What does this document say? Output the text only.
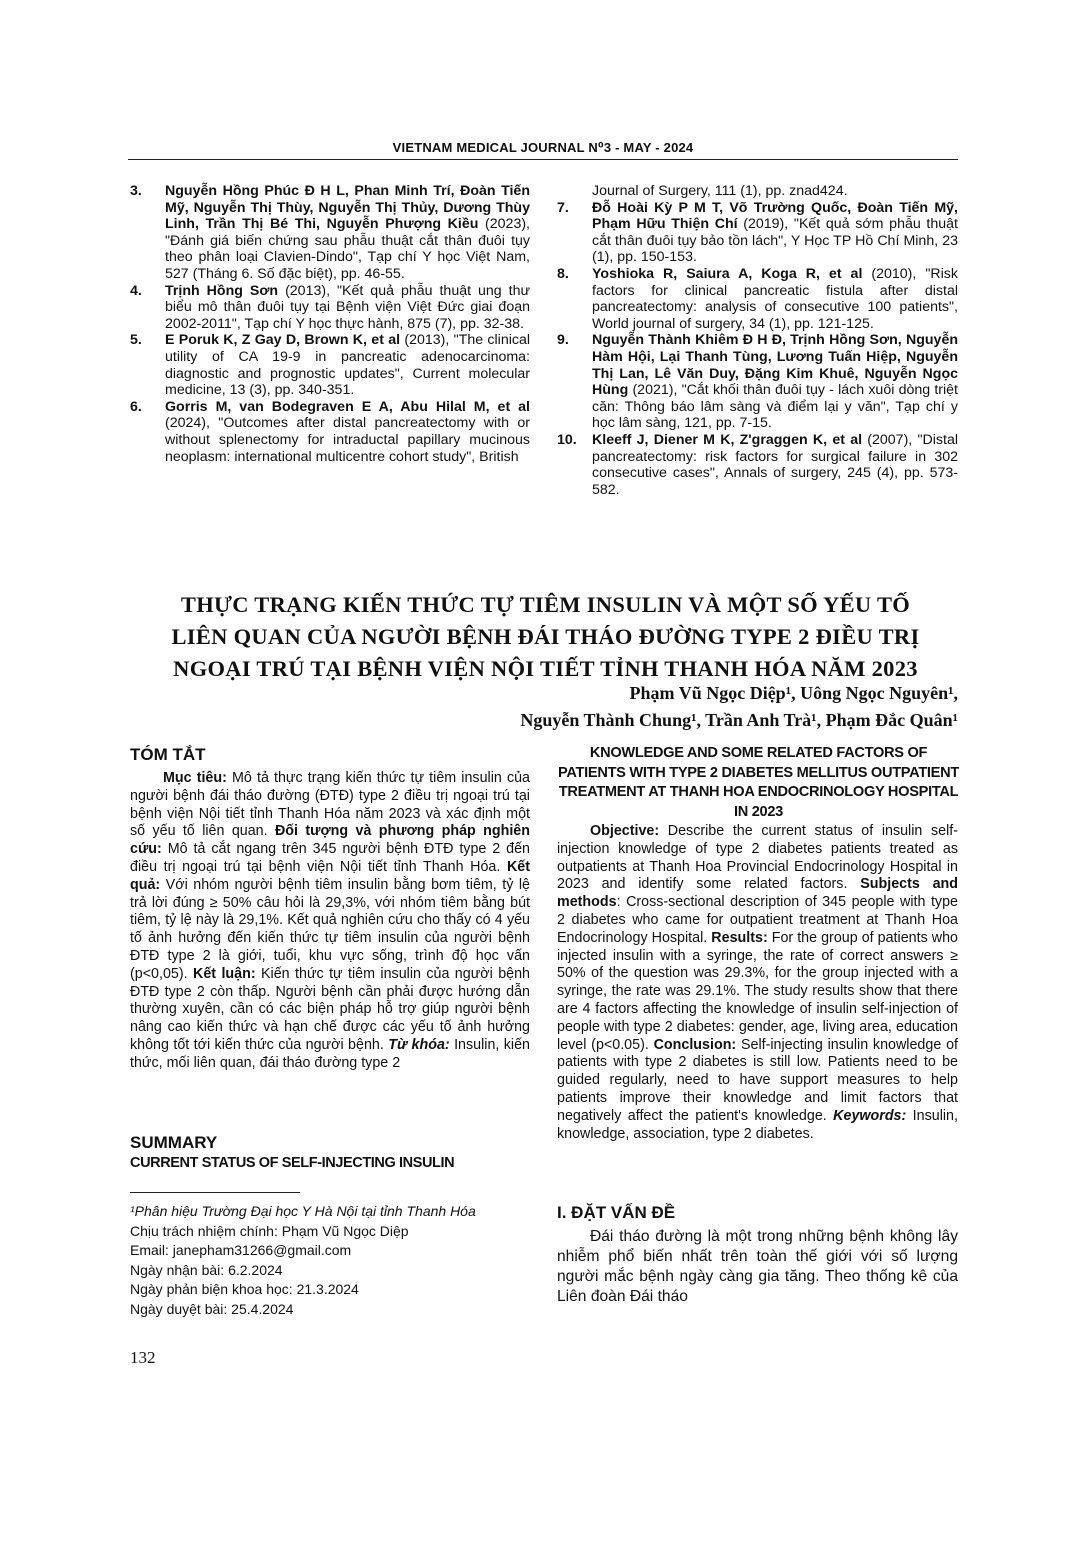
VIETNAM MEDICAL JOURNAL N⁰3 - MAY - 2024
3.	Nguyễn Hồng Phúc Đ H L, Phan Minh Trí, Đoàn Tiến Mỹ, Nguyễn Thị Thùy, Nguyễn Thị Thủy, Dương Thùy Linh, Trần Thị Bé Thi, Nguyễn Phượng Kiều (2023), "Đánh giá biến chứng sau phẫu thuật cắt thân đuôi tụy theo phân loại Clavien-Dindo", Tạp chí Y học Việt Nam, 527 (Tháng 6. Số đặc biệt), pp. 46-55.
4.	Trịnh Hồng Sơn (2013), "Kết quả phẫu thuật ung thư biểu mô thân đuôi tụy tại Bệnh viện Việt Đức giai đoạn 2002-2011", Tạp chí Y học thực hành, 875 (7), pp. 32-38.
5.	E Poruk K, Z Gay D, Brown K, et al (2013), "The clinical utility of CA 19-9 in pancreatic adenocarcinoma: diagnostic and prognostic updates", Current molecular medicine, 13 (3), pp. 340-351.
6.	Gorris M, van Bodegraven E A, Abu Hilal M, et al (2024), "Outcomes after distal pancreatectomy with or without splenectomy for intraductal papillary mucinous neoplasm: international multicentre cohort study", British
Journal of Surgery, 111 (1), pp. znad424.
7.	Đỗ Hoài Kỳ P M T, Võ Trường Quốc, Đoàn Tiến Mỹ, Phạm Hữu Thiện Chí (2019), "Kết quả sớm phẫu thuật cắt thân đuôi tụy bảo tồn lách", Y Học TP Hồ Chí Minh, 23 (1), pp. 150-153.
8.	Yoshioka R, Saiura A, Koga R, et al (2010), "Risk factors for clinical pancreatic fistula after distal pancreatectomy: analysis of consecutive 100 patients", World journal of surgery, 34 (1), pp. 121-125.
9.	Nguyễn Thành Khiêm Đ H Đ, Trịnh Hồng Sơn, Nguyễn Hàm Hội, Lại Thanh Tùng, Lương Tuấn Hiệp, Nguyễn Thị Lan, Lê Văn Duy, Đặng Kim Khuê, Nguyễn Ngọc Hùng (2021), "Cắt khối thân đuôi tụy - lách xuôi dòng triệt căn: Thông báo lâm sàng và điểm lại y văn", Tạp chí y học lâm sàng, 121, pp. 7-15.
10.	Kleeff J, Diener M K, Z'graggen K, et al (2007), "Distal pancreatectomy: risk factors for surgical failure in 302 consecutive cases", Annals of surgery, 245 (4), pp. 573-582.
THỰC TRẠNG KIẾN THỨC TỰ TIÊM INSULIN VÀ MỘT SỐ YẾU TỐ
LIÊN QUAN CỦA NGƯỜI BỆNH ĐÁI THÁO ĐƯỜNG TYPE 2 ĐIỀU TRỊ
NGOẠI TRÚ TẠI BỆNH VIỆN NỘI TIẾT TỈNH THANH HÓA NĂM 2023
Phạm Vũ Ngọc Diệp¹, Uông Ngọc Nguyên¹,
Nguyễn Thành Chung¹, Trần Anh Trà¹, Phạm Đắc Quân¹
TÓM TẮT

Mục tiêu: Mô tả thực trạng kiến thức tự tiêm insulin của người bệnh đái tháo đường (ĐTĐ) type 2 điều trị ngoại trú tại bệnh viện Nội tiết tỉnh Thanh Hóa năm 2023 và xác định một số yếu tố liên quan. Đối tượng và phương pháp nghiên cứu: Mô tả cắt ngang trên 345 người bệnh ĐTĐ type 2 đến điều trị ngoại trú tại bệnh viện Nội tiết tỉnh Thanh Hóa. Kết quả: Với nhóm người bệnh tiêm insulin bằng bơm tiêm, tỷ lệ trả lời đúng ≥ 50% câu hỏi là 29,3%, với nhóm tiêm bằng bút tiêm, tỷ lệ này là 29,1%. Kết quả nghiên cứu cho thấy có 4 yếu tố ảnh hưởng đến kiến thức tự tiêm insulin của người bệnh ĐTĐ type 2 là giới, tuổi, khu vực sống, trình độ học vấn (p<0,05). Kết luận: Kiến thức tự tiêm insulin của người bệnh ĐTĐ type 2 còn thấp. Người bệnh cần phải được hướng dẫn thường xuyên, cần có các biện pháp hỗ trợ giúp người bệnh nâng cao kiến thức và hạn chế được các yếu tố ảnh hưởng không tốt tới kiến thức của người bệnh. Từ khóa: Insulin, kiến thức, mối liên quan, đái tháo đường type 2

SUMMARY
CURRENT STATUS OF SELF-INJECTING INSULIN
KNOWLEDGE AND SOME RELATED FACTORS OF PATIENTS WITH TYPE 2 DIABETES MELLITUS OUTPATIENT TREATMENT AT THANH HOA ENDOCRINOLOGY HOSPITAL IN 2023

Objective: Describe the current status of insulin self-injection knowledge of type 2 diabetes patients treated as outpatients at Thanh Hoa Provincial Endocrinology Hospital in 2023 and identify some related factors. Subjects and methods: Cross-sectional description of 345 people with type 2 diabetes who came for outpatient treatment at Thanh Hoa Endocrinology Hospital. Results: For the group of patients who injected insulin with a syringe, the rate of correct answers ≥ 50% of the question was 29.3%, for the group injected with a syringe, the rate was 29.1%. The study results show that there are 4 factors affecting the knowledge of insulin self-injection of people with type 2 diabetes: gender, age, living area, education level (p<0.05). Conclusion: Self-injecting insulin knowledge of patients with type 2 diabetes is still low. Patients need to be guided regularly, need to have support measures to help patients improve their knowledge and limit factors that negatively affect the patient's knowledge. Keywords: Insulin, knowledge, association, type 2 diabetes.

¹Phân hiệu Trường Đại học Y Hà Nội tại tỉnh Thanh Hóa
Chịu trách nhiệm chính: Phạm Vũ Ngọc Diệp
Email: janepham31266@gmail.com
Ngày nhận bài: 6.2.2024
Ngày phản biện khoa học: 21.3.2024
Ngày duyệt bài: 25.4.2024
I. ĐẶT VẤN ĐỀ

Đái tháo đường là một trong những bệnh không lây nhiễm phổ biến nhất trên toàn thế giới với số lượng người mắc bệnh ngày càng gia tăng. Theo thống kê của Liên đoàn Đái tháo

132
